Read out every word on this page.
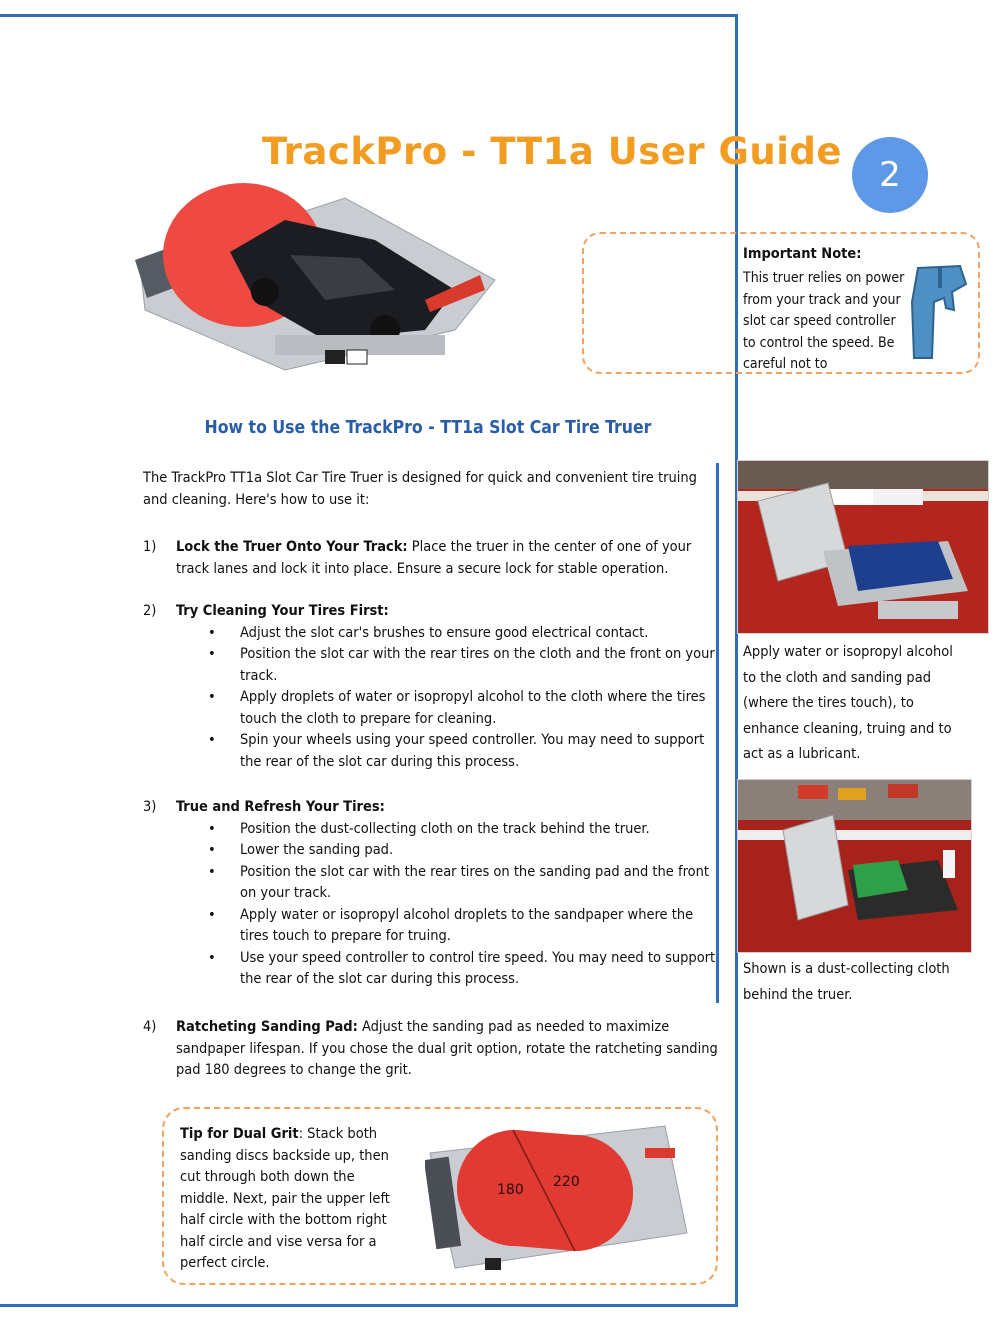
TrackPro - TT1a User Guide
2
Important Note:
This truer relies on power from your track and your slot car speed controller to control the speed. Be careful not to
How to Use the TrackPro - TT1a Slot Car Tire Truer
The TrackPro TT1a Slot Car Tire Truer is designed for quick and convenient tire truing and cleaning. Here's how to use it:
1) Lock the Truer Onto Your Track: Place the truer in the center of one of your track lanes and lock it into place. Ensure a secure lock for stable operation.
2) Try Cleaning Your Tires First:
• Adjust the slot car's brushes to ensure good electrical contact.
• Position the slot car with the rear tires on the cloth and the front on your track.
• Apply droplets of water or isopropyl alcohol to the cloth where the tires touch the cloth to prepare for cleaning.
• Spin your wheels using your speed controller. You may need to support the rear of the slot car during this process.
3) True and Refresh Your Tires:
• Position the dust-collecting cloth on the track behind the truer.
• Lower the sanding pad.
• Position the slot car with the rear tires on the sanding pad and the front on your track.
• Apply water or isopropyl alcohol droplets to the sandpaper where the tires touch to prepare for truing.
• Use your speed controller to control tire speed. You may need to support the rear of the slot car during this process.
4) Ratcheting Sanding Pad: Adjust the sanding pad as needed to maximize sandpaper lifespan. If you chose the dual grit option, rotate the ratcheting sanding pad 180 degrees to change the grit.
Apply water or isopropyl alcohol to the cloth and sanding pad (where the tires touch), to enhance cleaning, truing and to act as a lubricant.
Shown is a dust-collecting cloth behind the truer.
Tip for Dual Grit: Stack both sanding discs backside up, then cut through both down the middle. Next, pair the upper left half circle with the bottom right half circle and vise versa for a perfect circle.
180 220
